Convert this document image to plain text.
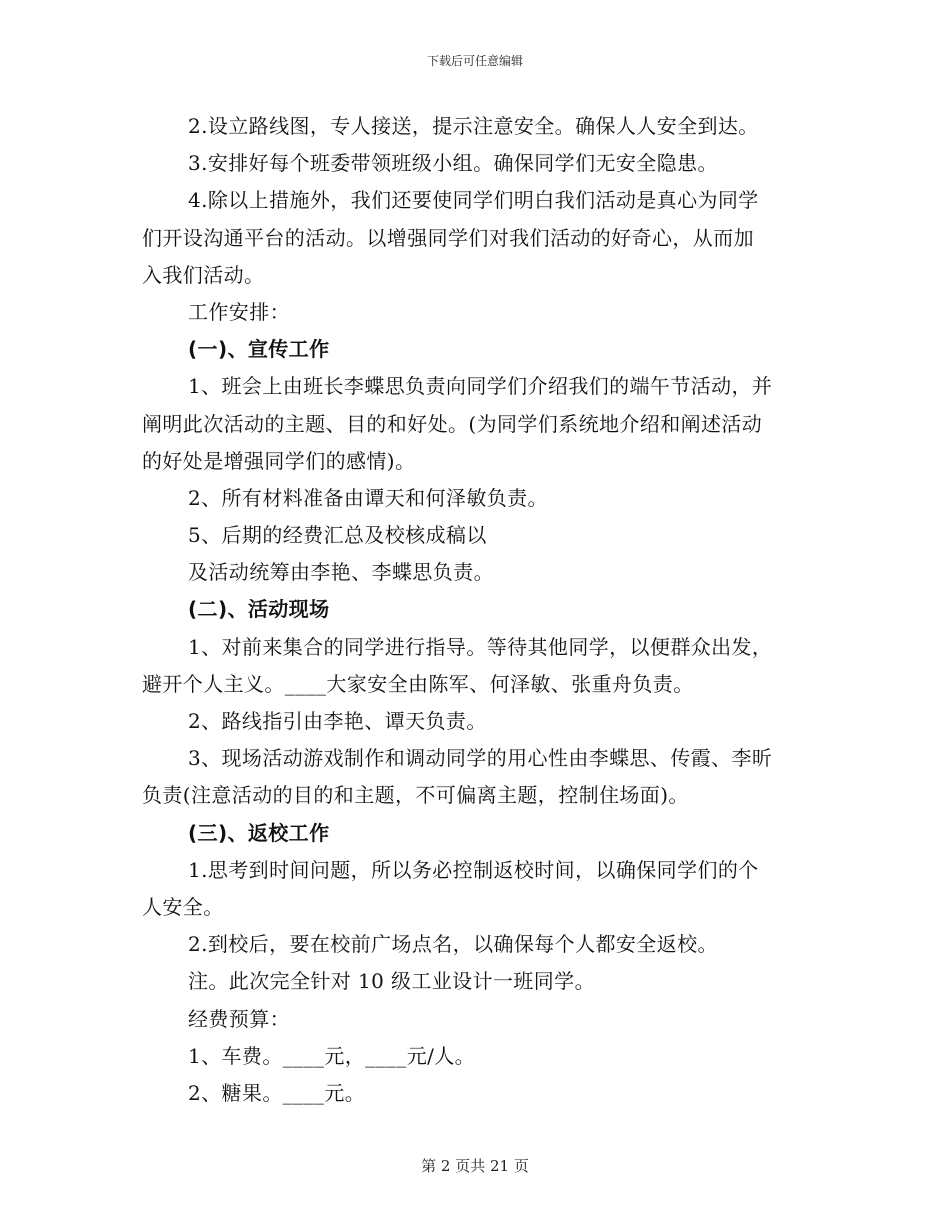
下载后可任意编辑
2.设立路线图，专人接送，提示注意安全。确保人人安全到达。
3.安排好每个班委带领班级小组。确保同学们无安全隐患。
4.除以上措施外，我们还要使同学们明白我们活动是真心为同学
们开设沟通平台的活动。以增强同学们对我们活动的好奇心，从而加
入我们活动。
工作安排：
(一)、宣传工作
1、班会上由班长李蝶思负责向同学们介绍我们的端午节活动，并
阐明此次活动的主题、目的和好处。(为同学们系统地介绍和阐述活动
的好处是增强同学们的感情)。
2、所有材料准备由谭天和何泽敏负责。
5、后期的经费汇总及校核成稿以
及活动统筹由李艳、李蝶思负责。
(二)、活动现场
1、对前来集合的同学进行指导。等待其他同学，以便群众出发，
避开个人主义。____大家安全由陈军、何泽敏、张重舟负责。
2、路线指引由李艳、谭天负责。
3、现场活动游戏制作和调动同学的用心性由李蝶思、传霞、李昕
负责(注意活动的目的和主题，不可偏离主题，控制住场面)。
(三)、返校工作
1.思考到时间问题，所以务必控制返校时间，以确保同学们的个
人安全。
2.到校后，要在校前广场点名，以确保每个人都安全返校。
注。此次完全针对 10 级工业设计一班同学。
经费预算：
1、车费。____元，____元/人。
2、糖果。____元。
第 2 页共 21 页
